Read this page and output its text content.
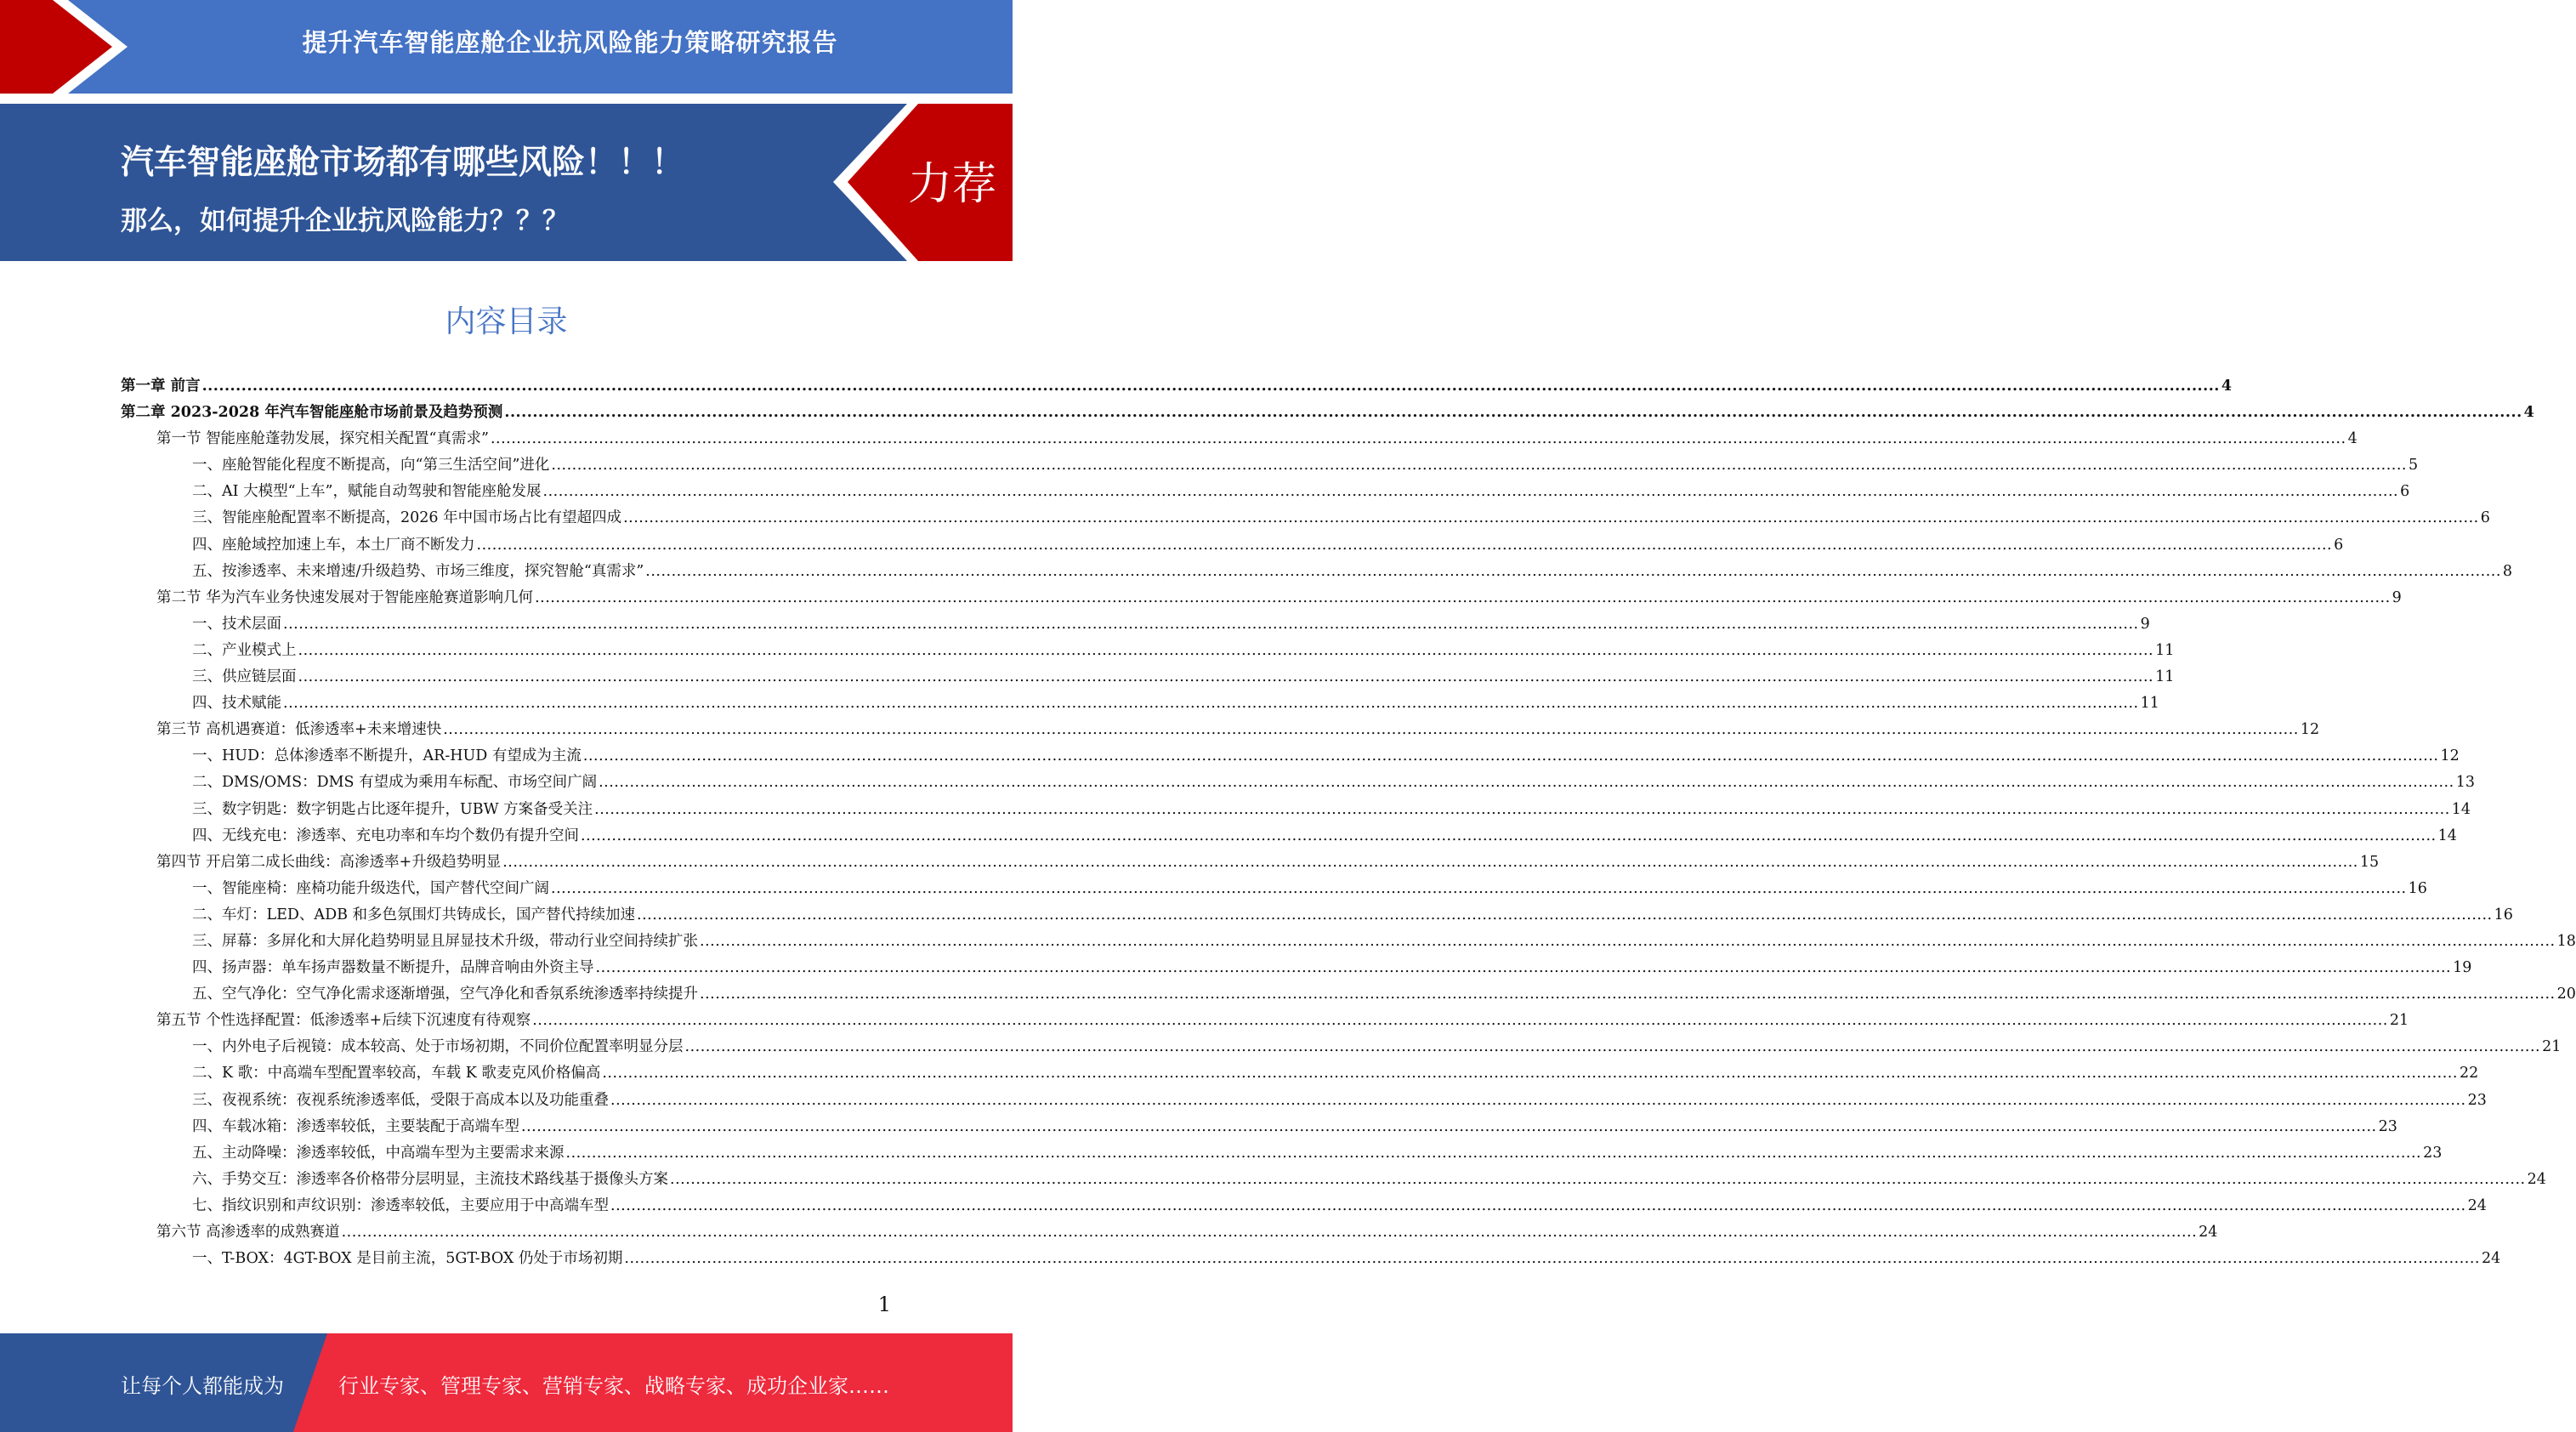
提升汽车智能座舱企业抗风险能力策略研究报告
汽车智能座舱市场都有哪些风险！！！
那么，如何提升企业抗风险能力？？？
力荐
内容目录
第一章 前言 .....	4
第二章 2023-2028 年汽车智能座舱市场前景及趋势预测 .....	4
第一节 智能座舱蓬勃发展，探究相关配置“真需求” .....	4
一、座舱智能化程度不断提高，向“第三生活空间”进化 .....	5
二、AI 大模型“上车”，赋能自动驾驶和智能座舱发展 .....	6
三、智能座舱配置率不断提高，2026 年中国市场占比有望超四成 .....	6
四、座舱域控加速上车，本土厂商不断发力 .....	6
五、按渗透率、未来增速/升级趋势、市场三维度，探究智舱“真需求” .....	8
第二节 华为汽车业务快速发展对于智能座舱赛道影响几何 .....	9
一、技术层面 .....	9
二、产业模式上 .....	11
三、供应链层面 .....	11
四、技术赋能 .....	11
第三节 高机遇赛道：低渗透率+未来增速快 .....	12
一、HUD：总体渗透率不断提升，AR-HUD 有望成为主流 .....	12
二、DMS/OMS：DMS 有望成为乘用车标配、市场空间广阔 .....	13
三、数字钥匙：数字钥匙占比逐年提升，UBW 方案备受关注 .....	14
四、无线充电：渗透率、充电功率和车均个数仍有提升空间 .....	14
第四节 开启第二成长曲线：高渗透率+升级趋势明显 .....	15
一、智能座椅：座椅功能升级迭代，国产替代空间广阔 .....	16
二、车灯：LED、ADB 和多色氛围灯共铸成长，国产替代持续加速 .....	16
三、屏幕：多屏化和大屏化趋势明显且屏显技术升级，带动行业空间持续扩张 .....	18
四、扬声器：单车扬声器数量不断提升，品牌音响由外资主导 .....	19
五、空气净化：空气净化需求逐渐增强，空气净化和香氛系统渗透率持续提升 .....	20
第五节 个性选择配置：低渗透率+后续下沉速度有待观察 .....	21
一、内外电子后视镜：成本较高、处于市场初期，不同价位配置率明显分层 .....	21
二、K 歌：中高端车型配置率较高，车载 K 歌麦克风价格偏高 .....	22
三、夜视系统：夜视系统渗透率低，受限于高成本以及功能重叠 .....	23
四、车载冰箱：渗透率较低，主要装配于高端车型 .....	23
五、主动降噪：渗透率较低，中高端车型为主要需求来源 .....	23
六、手势交互：渗透率各价格带分层明显，主流技术路线基于摄像头方案 .....	24
七、指纹识别和声纹识别：渗透率较低，主要应用于中高端车型 .....	24
第六节 高渗透率的成熟赛道 .....	24
一、T-BOX：4GT-BOX 是目前主流，5GT-BOX 仍处于市场初期 .....	24
1
让每个人都能成为	行业专家、管理专家、营销专家、战略专家、成功企业家……
